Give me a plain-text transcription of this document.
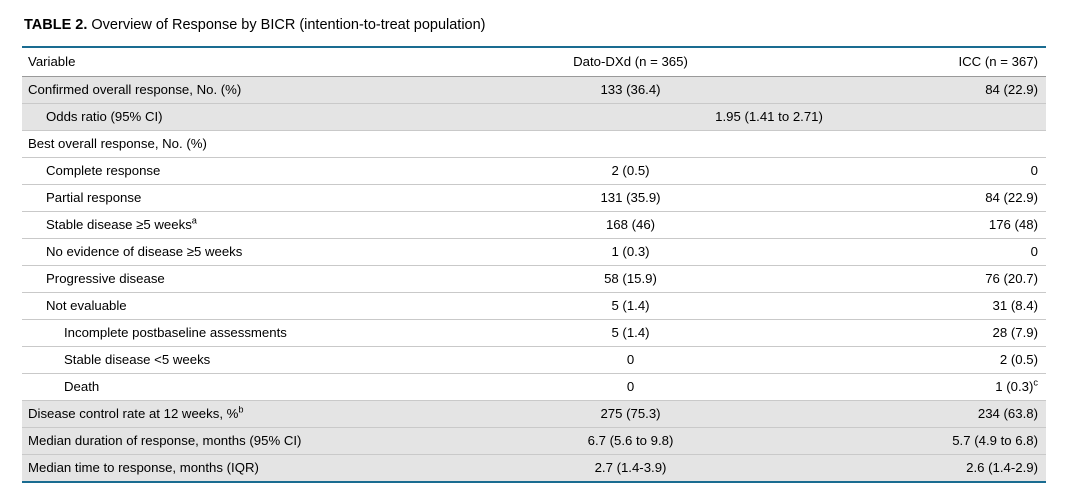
TABLE 2. Overview of Response by BICR (intention-to-treat population)

Variable	Dato-DXd (n = 365)	ICC (n = 367)
Confirmed overall response, No. (%)	133 (36.4)	84 (22.9)
Odds ratio (95% CI)	1.95 (1.41 to 2.71)	
Best overall response, No. (%)		
Complete response	2 (0.5)	0
Partial response	131 (35.9)	84 (22.9)
Stable disease ≥5 weeks$^a$	168 (46)	176 (48)
No evidence of disease ≥5 weeks	1 (0.3)	0
Progressive disease	58 (15.9)	76 (20.7)
Not evaluable	5 (1.4)	31 (8.4)
Incomplete postbaseline assessments	5 (1.4)	28 (7.9)
Stable disease <5 weeks	0	2 (0.5)
Death	0	1 $(0.3)^c$
Disease control rate at 12 weeks, %$^b$	275 (75.3)	234 (63.8)
Median duration of response, months (95% CI)	6.7 (5.6 to 9.8)	5.7 (4.9 to 6.8)
Median time to response, months (IQR)	2.7 (1.4-3.9)	2.6 (1.4-2.9)
